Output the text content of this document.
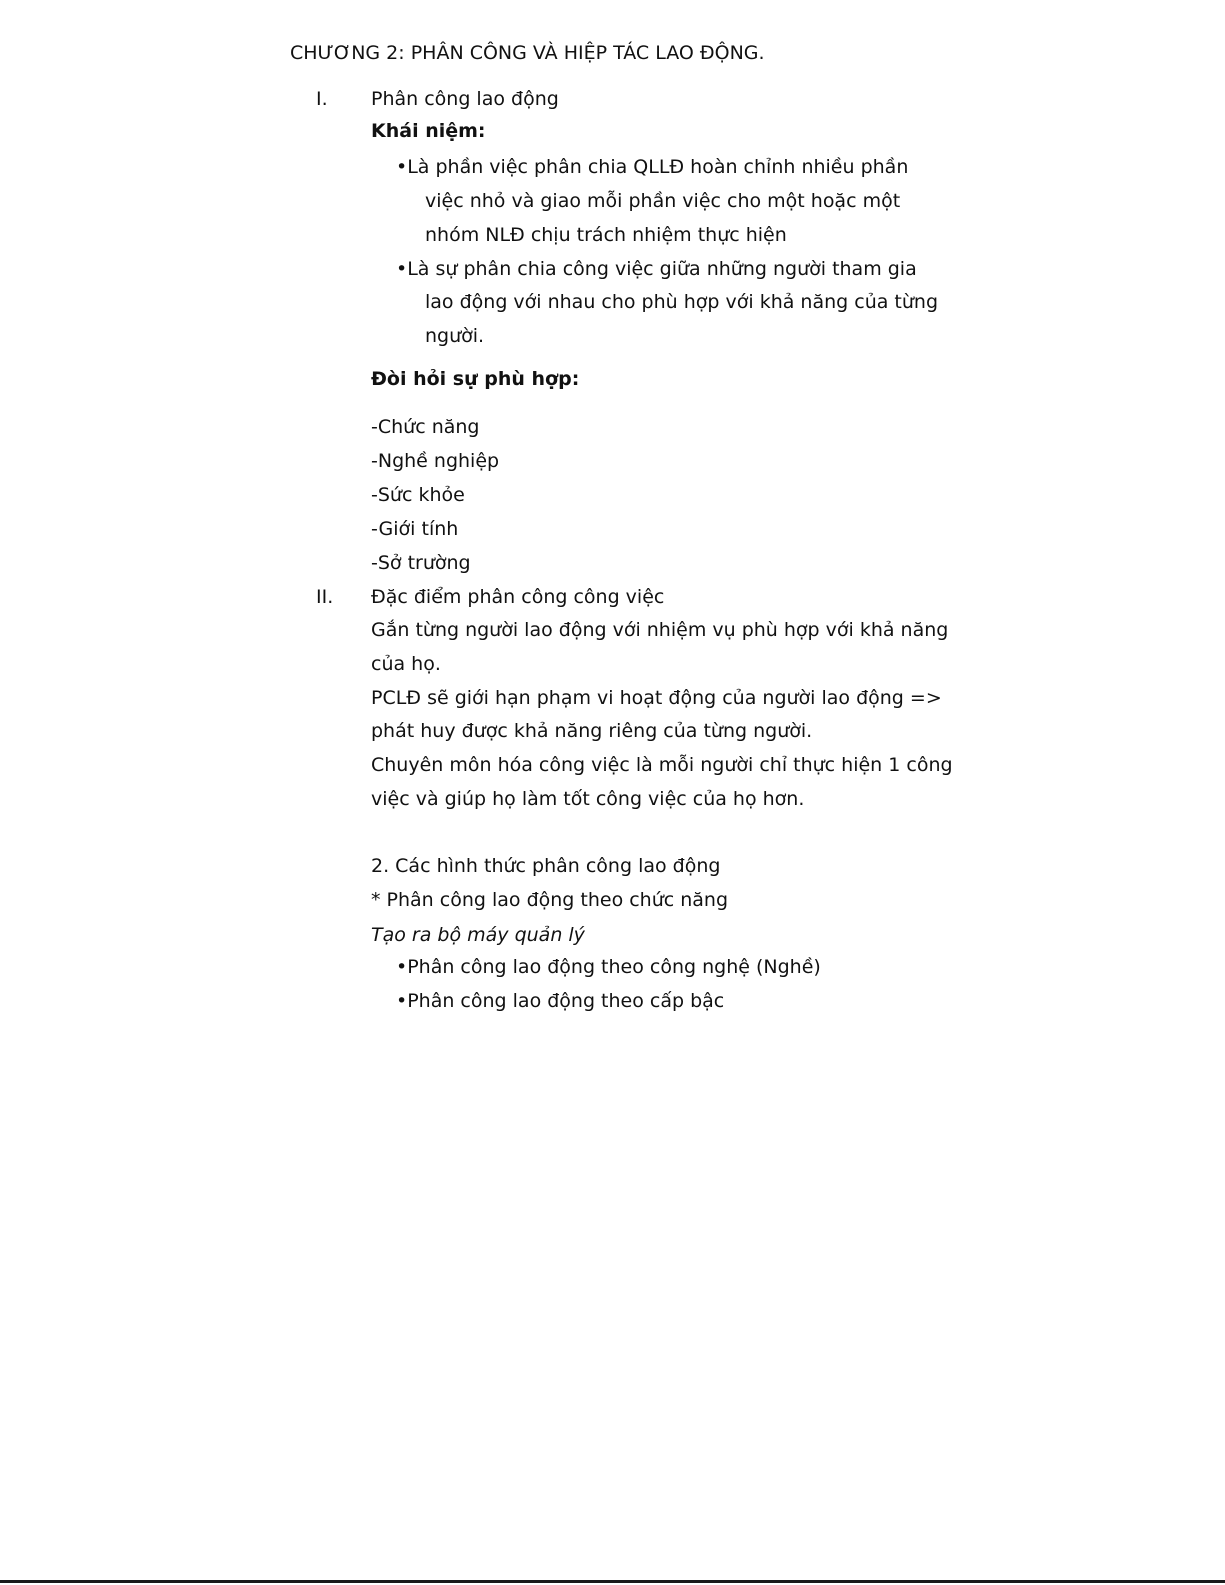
CHƯƠNG 2: PHÂN CÔNG VÀ HIỆP TÁC LAO ĐỘNG.
I. Phân công lao động
Khái niệm:
•Là phần việc phân chia QLLĐ hoàn chỉnh nhiều phần
việc nhỏ và giao mỗi phần việc cho một hoặc một
nhóm NLĐ chịu trách nhiệm thực hiện
•Là sự phân chia công việc giữa những người tham gia
lao động với nhau cho phù hợp với khả năng của từng
người.
Đòi hỏi sự phù hợp:
-Chức năng
-Nghề nghiệp
-Sức khỏe
-Giới tính
-Sở trường
II. Đặc điểm phân công công việc
Gắn từng người lao động với nhiệm vụ phù hợp với khả năng
của họ.
PCLĐ sẽ giới hạn phạm vi hoạt động của người lao động =>
phát huy được khả năng riêng của từng người.
Chuyên môn hóa công việc là mỗi người chỉ thực hiện 1 công
việc và giúp họ làm tốt công việc của họ hơn.
2. Các hình thức phân công lao động
* Phân công lao động theo chức năng
Tạo ra bộ máy quản lý
•Phân công lao động theo công nghệ (Nghề)
•Phân công lao động theo cấp bậc
